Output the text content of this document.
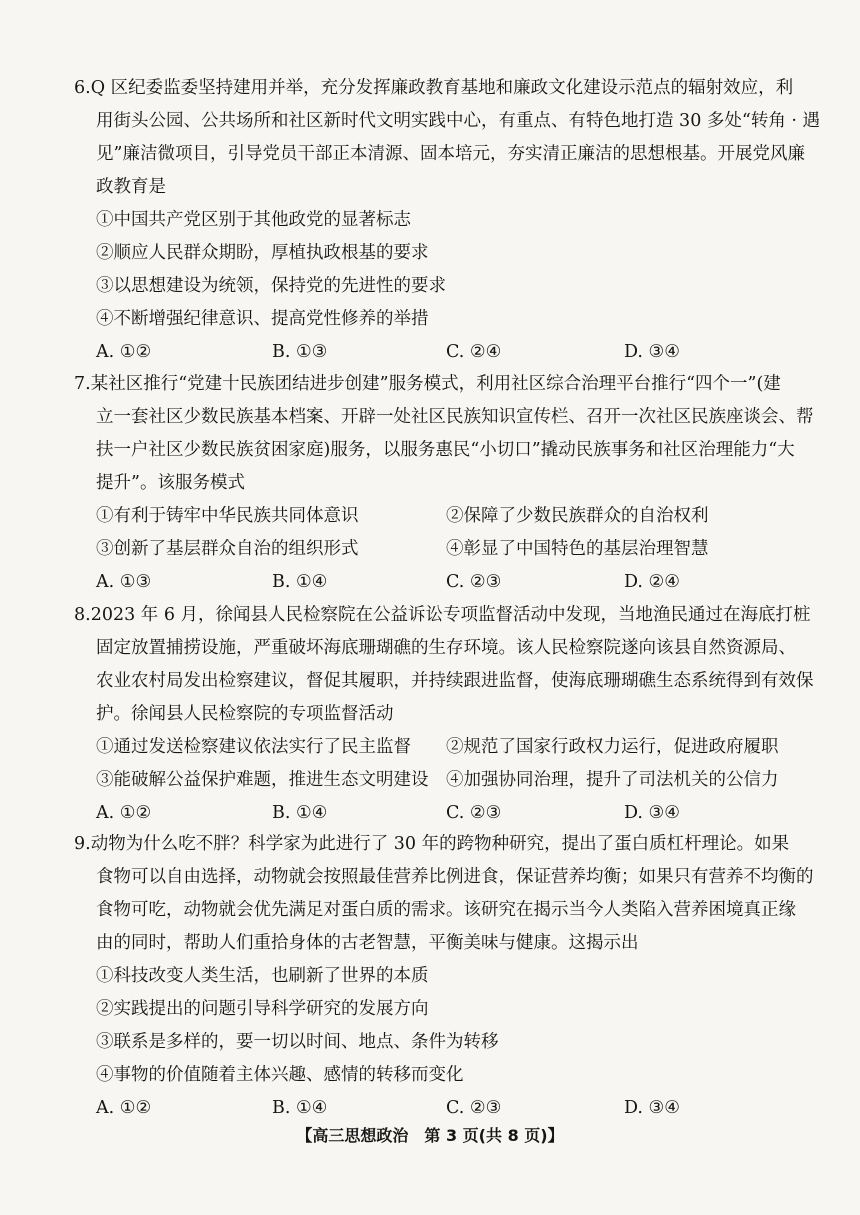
6.Q 区纪委监委坚持建用并举，充分发挥廉政教育基地和廉政文化建设示范点的辐射效应，利
用街头公园、公共场所和社区新时代文明实践中心，有重点、有特色地打造 30 多处“转角 · 遇
见”廉洁微项目，引导党员干部正本清源、固本培元，夯实清正廉洁的思想根基。开展党风廉
政教育是
①中国共产党区别于其他政党的显著标志
②顺应人民群众期盼，厚植执政根基的要求
③以思想建设为统领，保持党的先进性的要求
④不断增强纪律意识、提高党性修养的举措
A. ①②	B. ①③	C. ②④	D. ③④
7.某社区推行“党建十民族团结进步创建”服务模式，利用社区综合治理平台推行“四个一”(建
立一套社区少数民族基本档案、开辟一处社区民族知识宣传栏、召开一次社区民族座谈会、帮
扶一户社区少数民族贫困家庭)服务，以服务惠民“小切口”撬动民族事务和社区治理能力“大
提升”。该服务模式
①有利于铸牢中华民族共同体意识	②保障了少数民族群众的自治权利
③创新了基层群众自治的组织形式	④彰显了中国特色的基层治理智慧
A. ①③	B. ①④	C. ②③	D. ②④
8.2023 年 6 月，徐闻县人民检察院在公益诉讼专项监督活动中发现，当地渔民通过在海底打桩
固定放置捕捞设施，严重破坏海底珊瑚礁的生存环境。该人民检察院遂向该县自然资源局、
农业农村局发出检察建议，督促其履职，并持续跟进监督，使海底珊瑚礁生态系统得到有效保
护。徐闻县人民检察院的专项监督活动
①通过发送检察建议依法实行了民主监督 ②规范了国家行政权力运行，促进政府履职
③能破解公益保护难题，推进生态文明建设 ④加强协同治理，提升了司法机关的公信力
A. ①②	B. ①④	C. ②③	D. ③④
9.动物为什么吃不胖？科学家为此进行了 30 年的跨物种研究，提出了蛋白质杠杆理论。如果
食物可以自由选择，动物就会按照最佳营养比例进食，保证营养均衡；如果只有营养不均衡的
食物可吃，动物就会优先满足对蛋白质的需求。该研究在揭示当今人类陷入营养困境真正缘
由的同时，帮助人们重拾身体的古老智慧，平衡美味与健康。这揭示出
①科技改变人类生活，也刷新了世界的本质
②实践提出的问题引导科学研究的发展方向
③联系是多样的，要一切以时间、地点、条件为转移
④事物的价值随着主体兴趣、感情的转移而变化
A. ①②	B. ①④	C. ②③	D. ③④
【高三思想政治　第 3 页(共 8 页)】
